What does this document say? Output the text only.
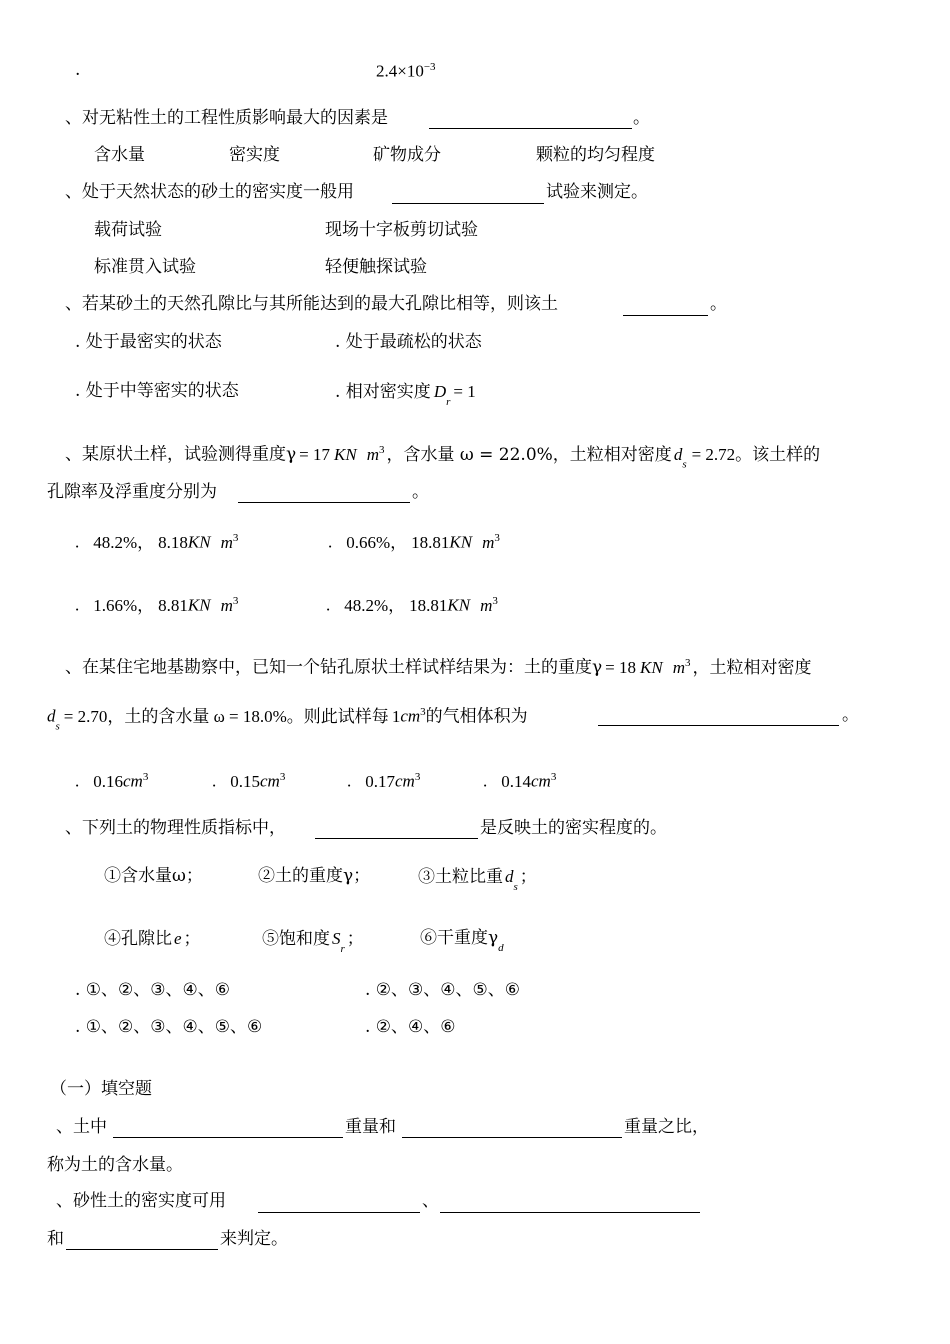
.	$2.4\times 10^{-3}$
、对无粘性土的工程性质影响最大的因素是	。
含水量	密实度	矿物成分	颗粒的均匀程度
、处于天然状态的砂土的密实度一般用	试验来测定。
载荷试验	现场十字板剪切试验
标准贯入试验	轻便触探试验
、若某砂土的天然孔隙比与其所能达到的最大孔隙比相等，则该土	。
. 处于最密实的状态	. 处于最疏松的状态
. 处于中等密实的状态	. 相对密实度 $D_r= 1$
、某原状土样，试验测得重度γ = 17 KN $m^3$ ，含水量 ω = 22.0%，土粒相对密度 $d_s= 2.72$。该土样的
孔隙率及浮重度分别为	。
. 48.2%， 8.18KN $m^3$	. 0.66%， 18.81KN $m^3$
. 1.66%， 8.81KN $m^3$	. 48.2%， 18.81KN $m^3$
、在某住宅地基勘察中，已知一个钻孔原状土样试样结果为：土的重度γ = 18 KN $m^3$ ，土粒相对密度
$d_s= 2.70$，土的含水量 ω = 18.0%。则此试样每 $1cm^3$的气相体积为	。
. $0.16cm^3$	. $0.15cm^3$	. $0.17cm^3$	. $0.14cm^3$
、下列土的物理性质指标中，	是反映土的密实程度的。
①含水量ω；	②土的重度γ；	③土粒比重 $d_s$ ；
④孔隙比 e ；	⑤饱和度 $S_r$ ；	⑥干重度$\gamma_d$
. ①、②、③、④、⑥	. ②、③、④、⑤、⑥
. ①、②、③、④、⑤、⑥	. ②、④、⑥
（一）填空题
、土中	重量和	重量之比，
称为土的含水量。
、砂性土的密实度可用	、
和	来判定。
